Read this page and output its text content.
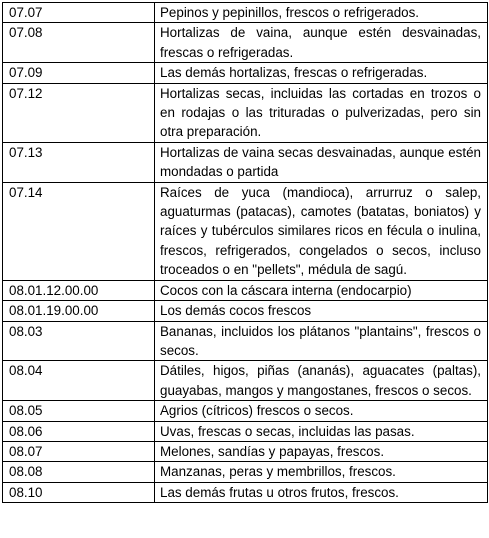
07.07	Pepinos y pepinillos, frescos o refrigerados.
07.08	Hortalizas de vaina, aunque estén desvainadas, frescas o refrigeradas.
07.09	Las demás hortalizas, frescas o refrigeradas.
07.12	Hortalizas secas, incluidas las cortadas en trozos o en rodajas o las trituradas o pulverizadas, pero sin otra preparación.
07.13	Hortalizas de vaina secas desvainadas, aunque estén mondadas o partida
07.14	Raíces de yuca (mandioca), arrurruz o salep, aguaturmas (patacas), camotes (batatas, boniatos) y raíces y tubérculos similares ricos en fécula o inulina, frescos, refrigerados, congelados o secos, incluso troceados o en "pellets", médula de sagú.
08.01.12.00.00	Cocos con la cáscara interna (endocarpio)
08.01.19.00.00	Los demás cocos frescos
08.03	Bananas, incluidos los plátanos "plantains", frescos o secos.
08.04	Dátiles, higos, piñas (ananás), aguacates (paltas), guayabas, mangos y mangostanes, frescos o secos.
08.05	Agrios (cítricos) frescos o secos.
08.06	Uvas, frescas o secas, incluidas las pasas.
08.07	Melones, sandías y papayas, frescos.
08.08	Manzanas, peras y membrillos, frescos.
08.10	Las demás frutas u otros frutos, frescos.
